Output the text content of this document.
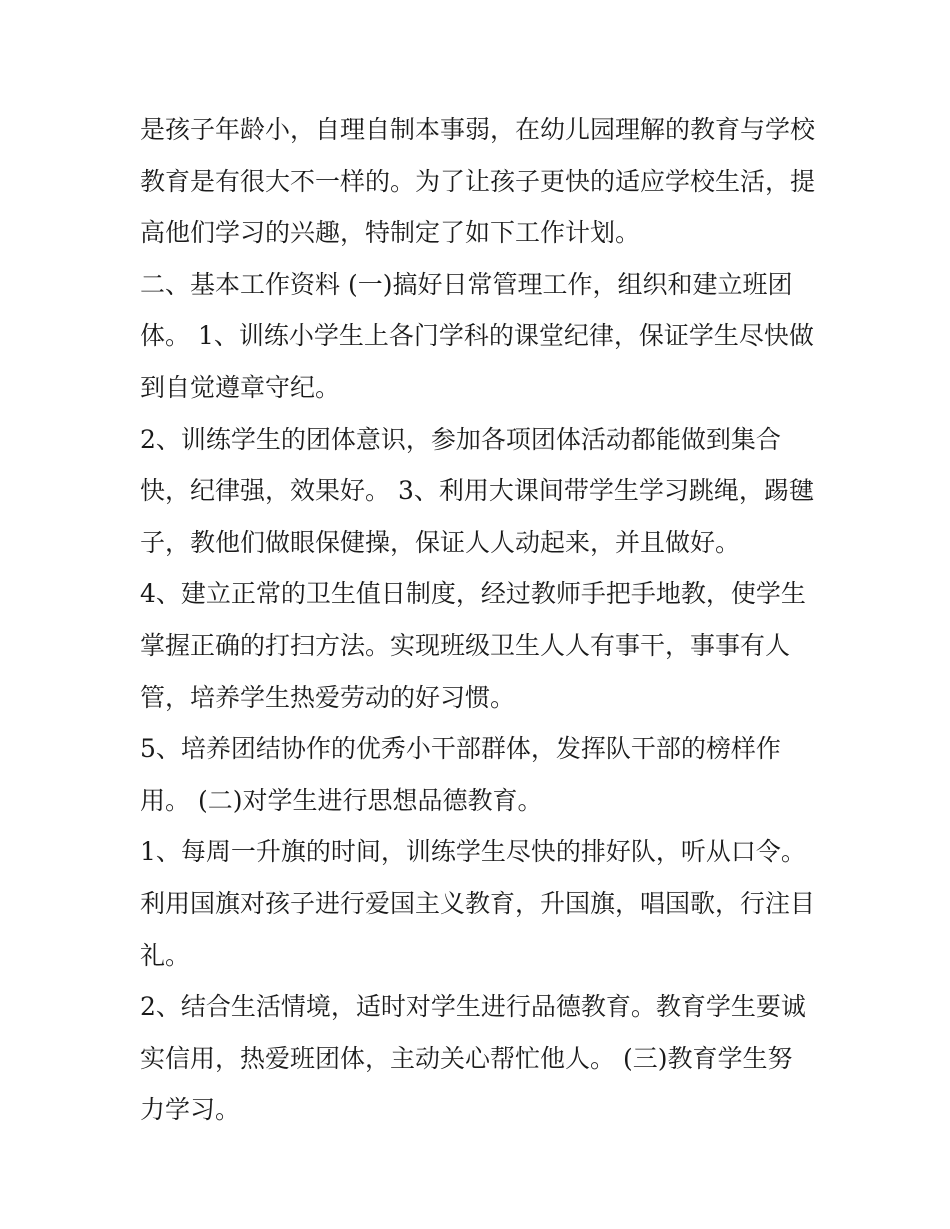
是孩子年龄小，自理自制本事弱，在幼儿园理解的教育与学校
教育是有很大不一样的。为了让孩子更快的适应学校生活，提
高他们学习的兴趣，特制定了如下工作计划。
二、基本工作资料 (一)搞好日常管理工作，组织和建立班团
体。 1、训练小学生上各门学科的课堂纪律，保证学生尽快做
到自觉遵章守纪。
2、训练学生的团体意识，参加各项团体活动都能做到集合
快，纪律强，效果好。 3、利用大课间带学生学习跳绳，踢毽
子，教他们做眼保健操，保证人人动起来，并且做好。
4、建立正常的卫生值日制度，经过教师手把手地教，使学生
掌握正确的打扫方法。实现班级卫生人人有事干，事事有人
管，培养学生热爱劳动的好习惯。
5、培养团结协作的优秀小干部群体，发挥队干部的榜样作
用。 (二)对学生进行思想品德教育。
1、每周一升旗的时间，训练学生尽快的排好队，听从口令。
利用国旗对孩子进行爱国主义教育，升国旗，唱国歌，行注目
礼。
2、结合生活情境，适时对学生进行品德教育。教育学生要诚
实信用，热爱班团体，主动关心帮忙他人。 (三)教育学生努
力学习。
